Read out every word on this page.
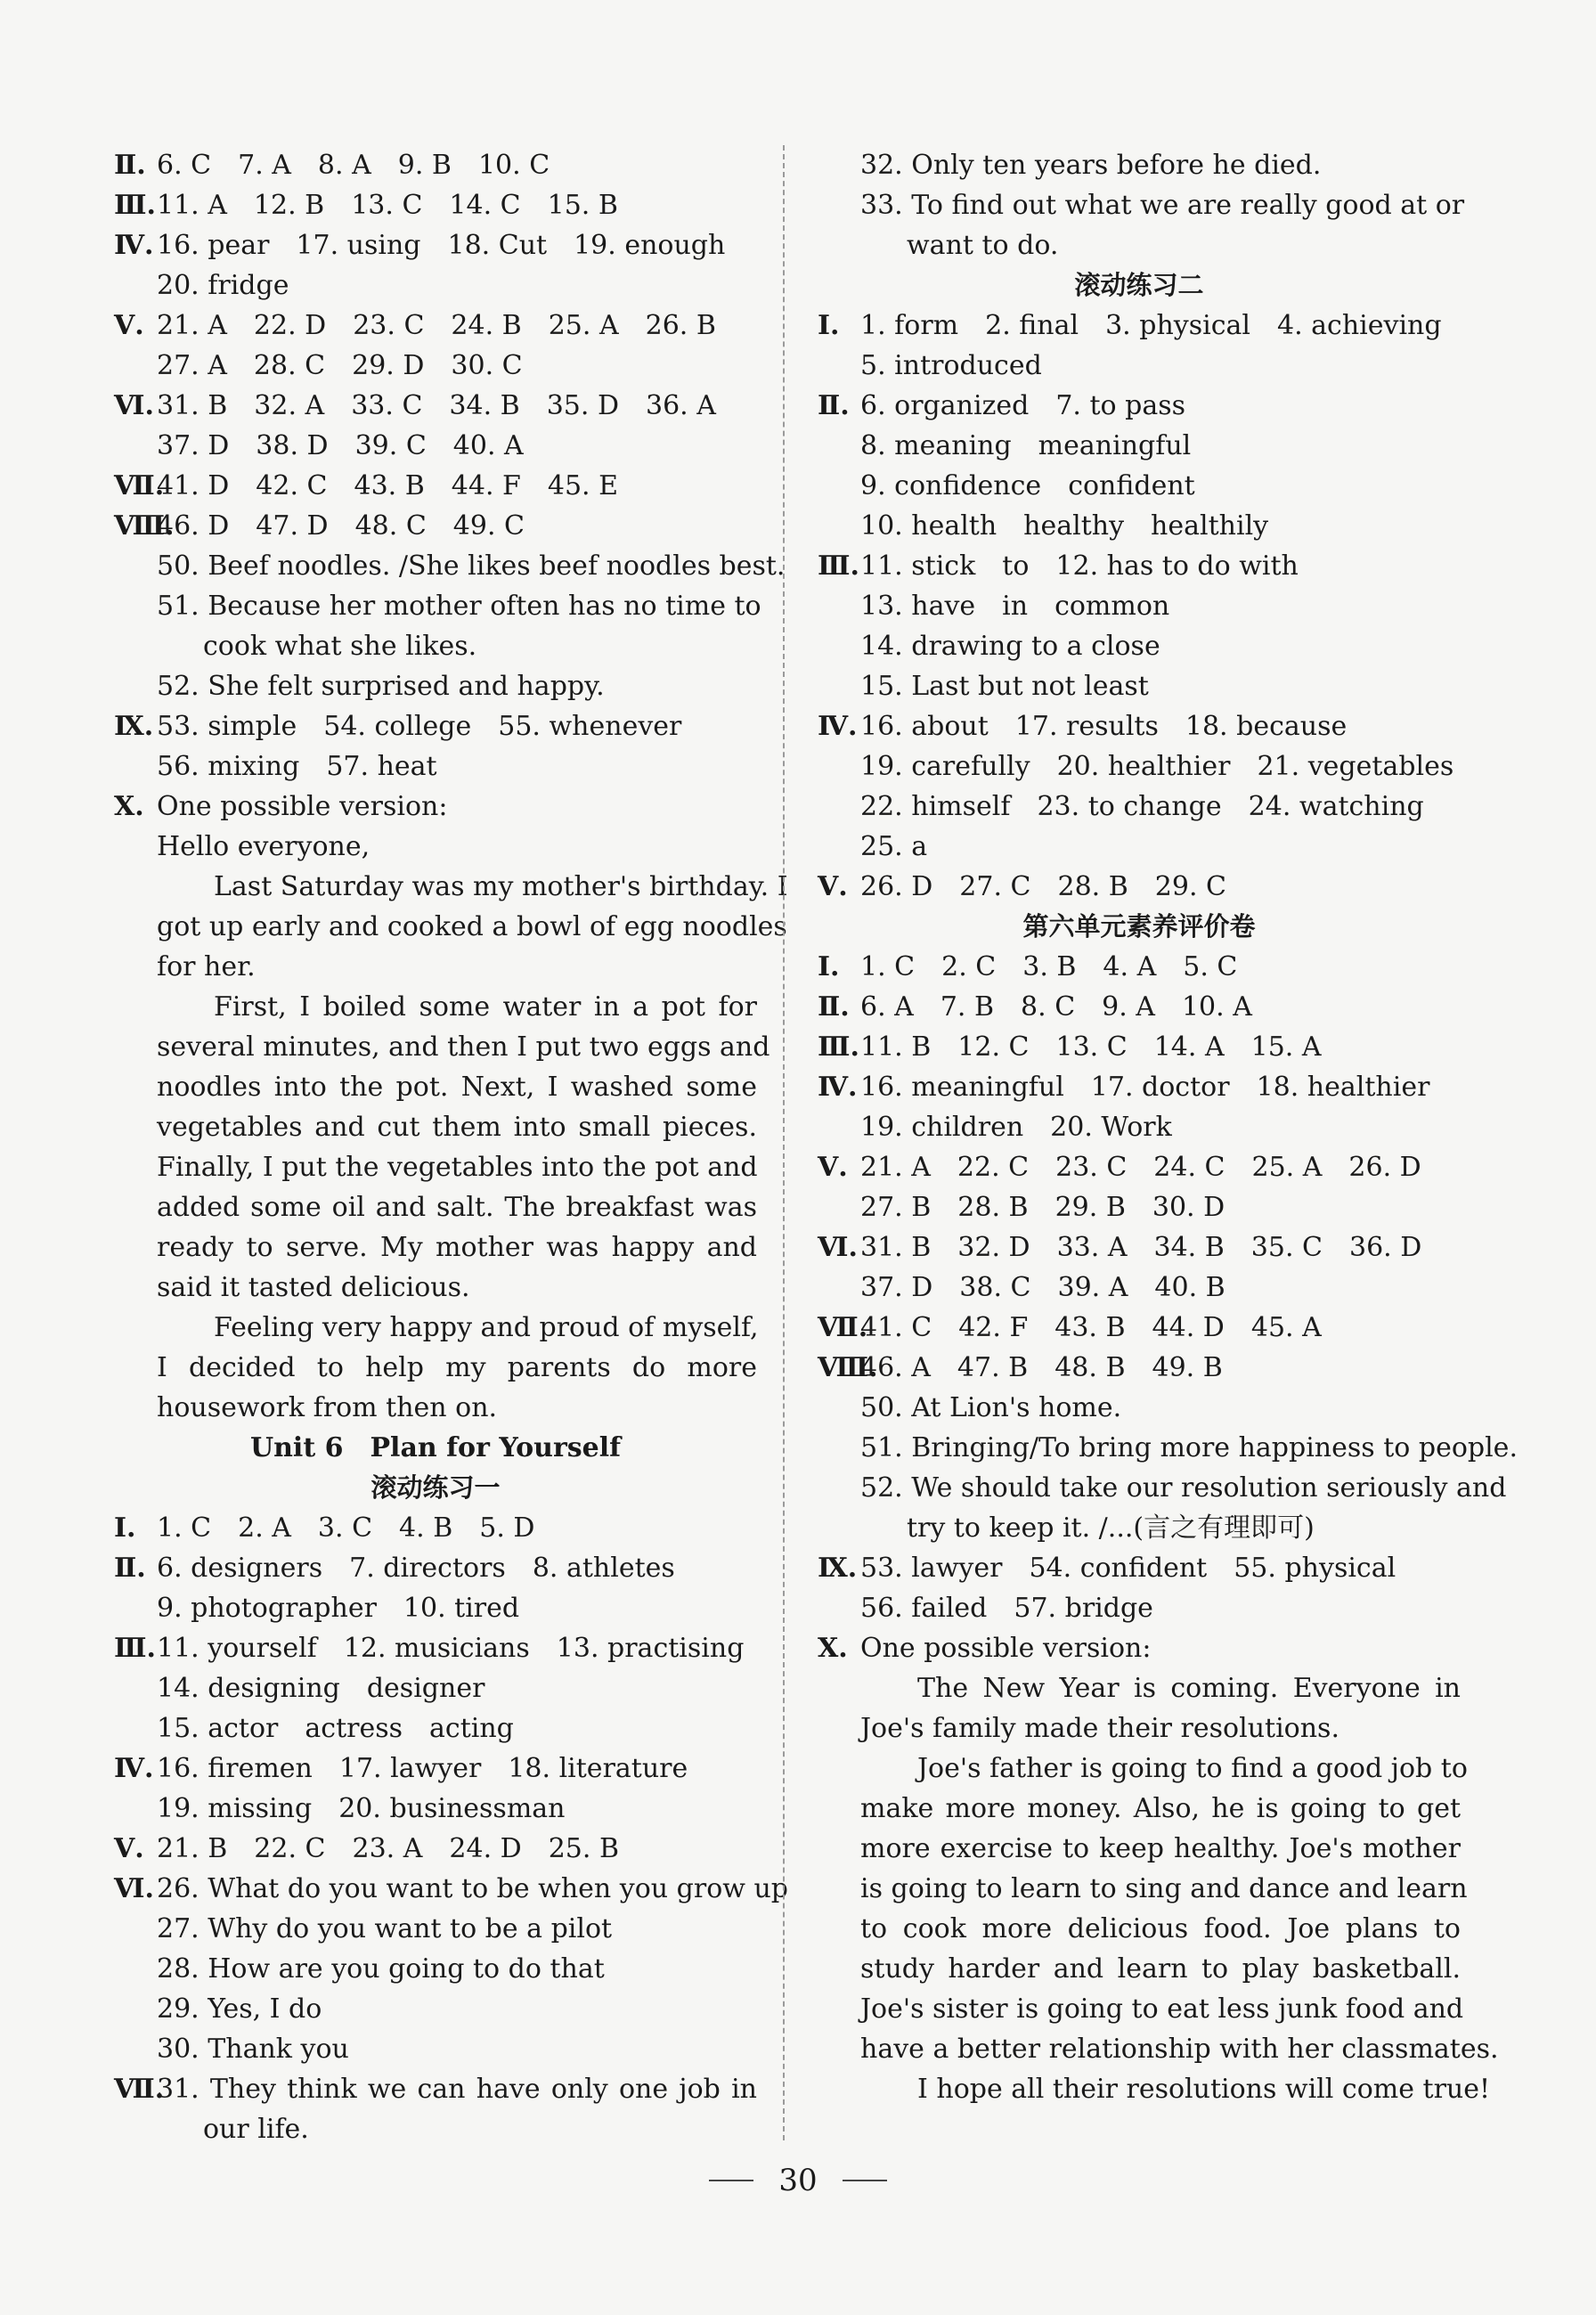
Ⅱ. 6. C　7. A　8. A　9. B　10. C
Ⅲ.11. A　12. B　13. C　14. C　15. B
Ⅳ. 16. pear　17. using　18. Cut　19. enough
20. fridge
Ⅴ. 21. A　22. D　23. C　24. B　25. A　26. B
27. A　28. C　29. D　30. C
Ⅵ. 31. B　32. A　33. C　34. B　35. D　36. A
37. D　38. D　39. C　40. A
Ⅶ.41. D　42. C　43. B　44. F　45. E
Ⅷ.46. D　47. D　48. C　49. C
50. Beef noodles. /She likes beef noodles best.
51. Because her mother often has no time to
cook what she likes.
52. She felt surprised and happy.
Ⅸ. 53. simple　54. college　55. whenever
56. mixing　57. heat
Ⅹ. One possible version:
Hello everyone,
Last Saturday was my mother's birthday. I
got up early and cooked a bowl of egg noodles
for her.
First, I boiled some water in a pot for
several minutes, and then I put two eggs and
noodles into the pot. Next, I washed some
vegetables and cut them into small pieces.
Finally, I put the vegetables into the pot and
added some oil and salt. The breakfast was
ready to serve. My mother was happy and
said it tasted delicious.
Feeling very happy and proud of myself,
I decided to help my parents do more
housework from then on.
Unit 6　Plan for Yourself
滚动练习一
Ⅰ. 1. C　2. A　3. C　4. B　5. D
Ⅱ. 6. designers　7. directors　8. athletes
9. photographer　10. tired
Ⅲ.11. yourself　12. musicians　13. practising
14. designing　designer
15. actor　actress　acting
Ⅳ. 16. firemen　17. lawyer　18. literature
19. missing　20. businessman
Ⅴ. 21. B　22. C　23. A　24. D　25. B
Ⅵ. 26. What do you want to be when you grow up
27. Why do you want to be a pilot
28. How are you going to do that
29. Yes, I do
30. Thank you
Ⅶ.31. They think we can have only one job in
our life.
32. Only ten years before he died.
33. To find out what we are really good at or
want to do.
滚动练习二
Ⅰ. 1. form　2. final　3. physical　4. achieving
5. introduced
Ⅱ. 6. organized　7. to pass
8. meaning　meaningful
9. confidence　confident
10. health　healthy　healthily
Ⅲ.11. stick　to　12. has to do with
13. have　in　common
14. drawing to a close
15. Last but not least
Ⅳ. 16. about　17. results　18. because
19. carefully　20. healthier　21. vegetables
22. himself　23. to change　24. watching
25. a
Ⅴ. 26. D　27. C　28. B　29. C
第六单元素养评价卷
Ⅰ. 1. C　2. C　3. B　4. A　5. C
Ⅱ. 6. A　7. B　8. C　9. A　10. A
Ⅲ.11. B　12. C　13. C　14. A　15. A
Ⅳ. 16. meaningful　17. doctor　18. healthier
19. children　20. Work
Ⅴ. 21. A　22. C　23. C　24. C　25. A　26. D
27. B　28. B　29. B　30. D
Ⅵ. 31. B　32. D　33. A　34. B　35. C　36. D
37. D　38. C　39. A　40. B
Ⅶ.41. C　42. F　43. B　44. D　45. A
Ⅷ.46. A　47. B　48. B　49. B
50. At Lion's home.
51. Bringing/To bring more happiness to people.
52. We should take our resolution seriously and
try to keep it. /...(言之有理即可)
Ⅸ. 53. lawyer　54. confident　55. physical
56. failed　57. bridge
Ⅹ. One possible version:
The New Year is coming. Everyone in
Joe's family made their resolutions.
Joe's father is going to find a good job to
make more money. Also, he is going to get
more exercise to keep healthy. Joe's mother
is going to learn to sing and dance and learn
to cook more delicious food. Joe plans to
study harder and learn to play basketball.
Joe's sister is going to eat less junk food and
have a better relationship with her classmates.
I hope all their resolutions will come true!
30
